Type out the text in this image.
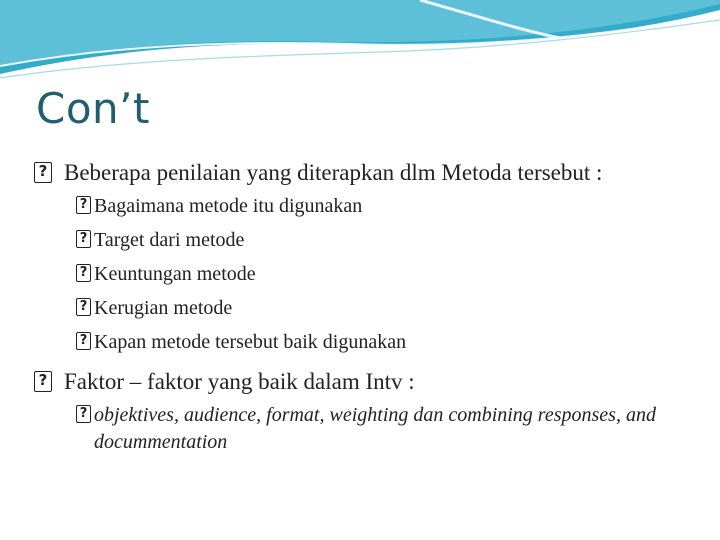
Con’t
? Beberapa penilaian yang diterapkan dlm Metoda tersebut :
? Bagaimana metode itu digunakan
? Target dari metode
? Keuntungan metode
? Kerugian metode
? Kapan metode tersebut baik digunakan
? Faktor – faktor yang baik dalam Intv :
? objektives, audience, format, weighting dan combining responses, and docummentation
